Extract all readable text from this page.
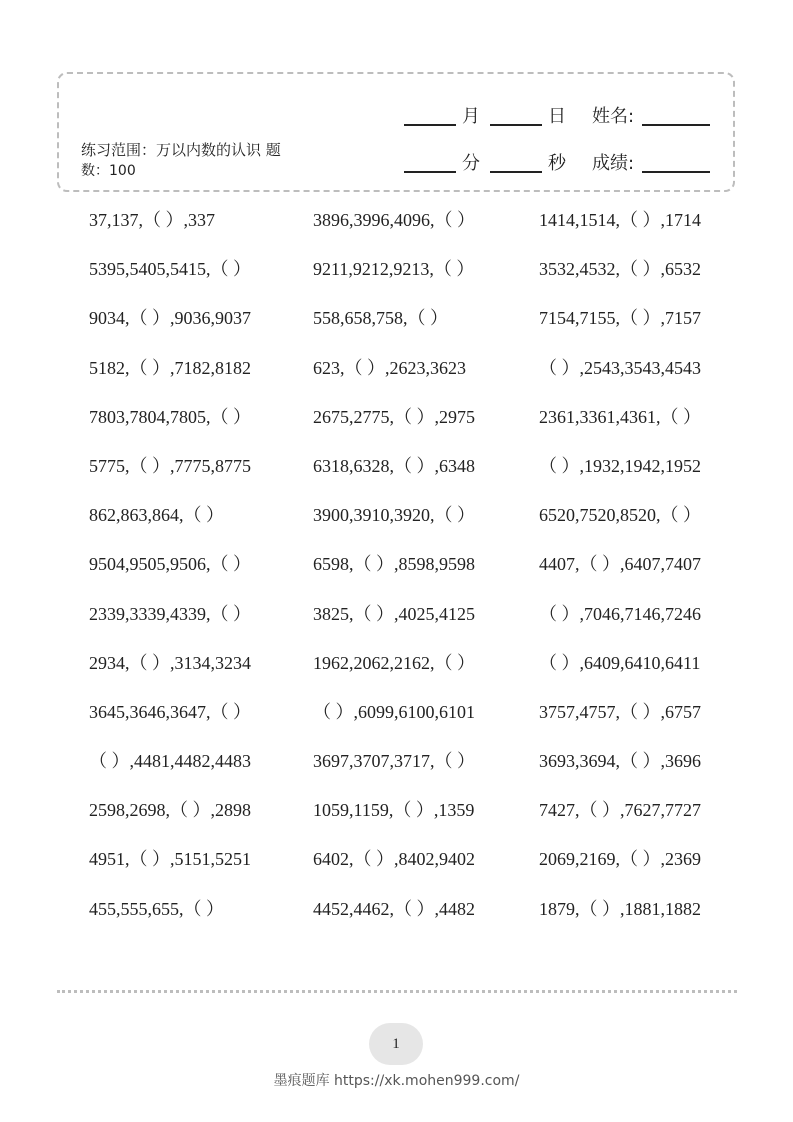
练习范围：万以内数的认识 题
数：100
月	日 姓名:
分	秒 成绩:
37,137,（ ）,337	3896,3996,4096,（ ）	1414,1514,（ ）,1714
5395,5405,5415,（ ）	9211,9212,9213,（ ）	3532,4532,（ ）,6532
9034,（ ）,9036,9037	558,658,758,（ ）	7154,7155,（ ）,7157
5182,（ ）,7182,8182	623,（ ）,2623,3623	（ ）,2543,3543,4543
7803,7804,7805,（ ）	2675,2775,（ ）,2975	2361,3361,4361,（ ）
5775,（ ）,7775,8775	6318,6328,（ ）,6348	（ ）,1932,1942,1952
862,863,864,（ ）	3900,3910,3920,（ ）	6520,7520,8520,（ ）
9504,9505,9506,（ ）	6598,（ ）,8598,9598	4407,（ ）,6407,7407
2339,3339,4339,（ ）	3825,（ ）,4025,4125	（ ）,7046,7146,7246
2934,（ ）,3134,3234	1962,2062,2162,（ ）	（ ）,6409,6410,6411
3645,3646,3647,（ ）	（ ）,6099,6100,6101	3757,4757,（ ）,6757
（ ）,4481,4482,4483	3697,3707,3717,（ ）	3693,3694,（ ）,3696
2598,2698,（ ）,2898	1059,1159,（ ）,1359	7427,（ ）,7627,7727
4951,（ ）,5151,5251	6402,（ ）,8402,9402	2069,2169,（ ）,2369
455,555,655,（ ）	4452,4462,（ ）,4482	1879,（ ）,1881,1882
1
墨痕题库 https://xk.mohen999.com/
